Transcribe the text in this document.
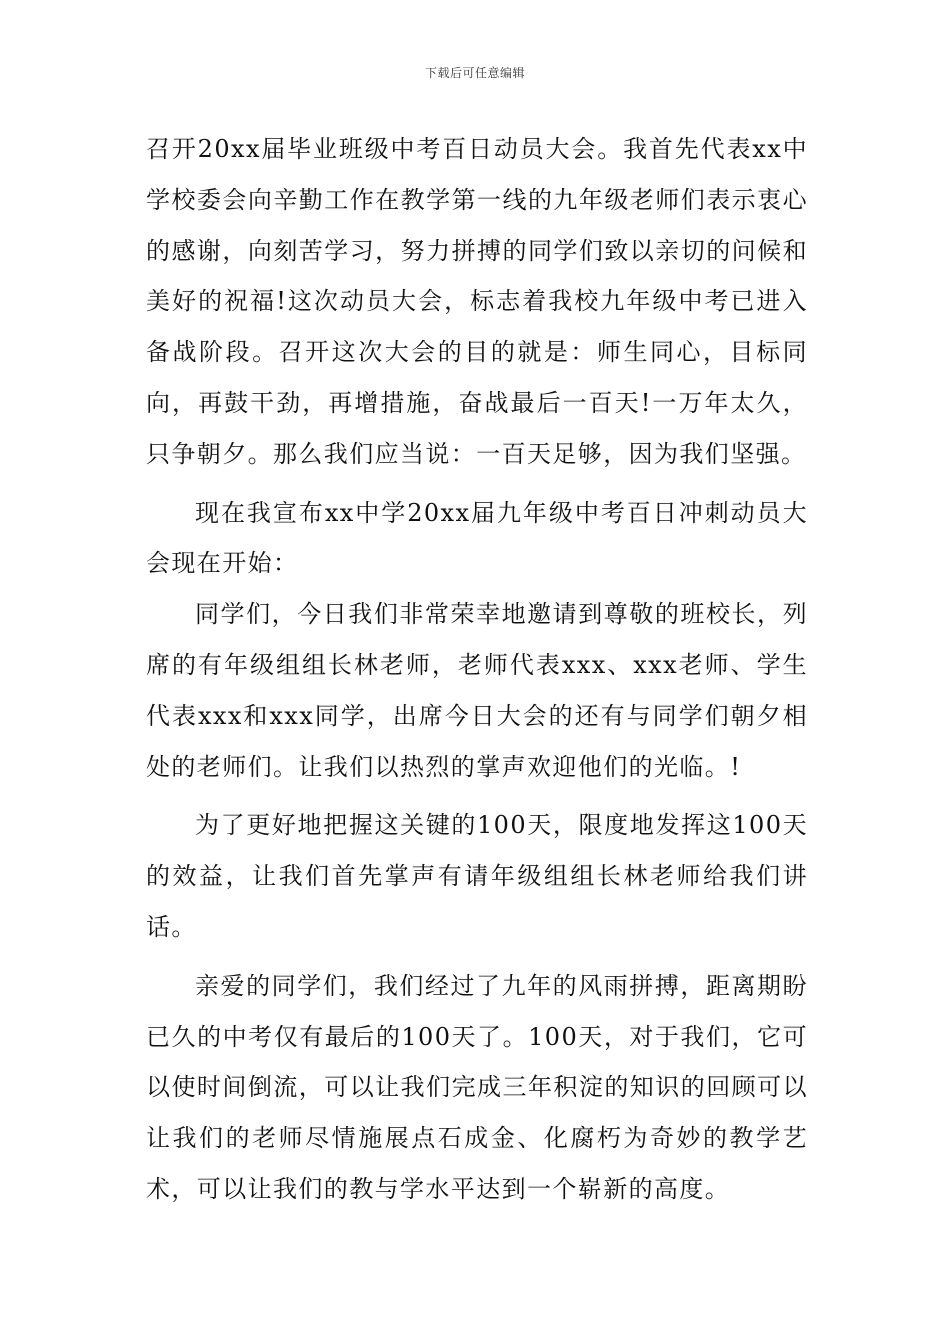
下载后可任意编辑

召开20xx届毕业班级中考百日动员大会。我首先代表xx中学校委会向辛勤工作在教学第一线的九年级老师们表示衷心的感谢，向刻苦学习，努力拼搏的同学们致以亲切的问候和美好的祝福!这次动员大会，标志着我校九年级中考已进入备战阶段。召开这次大会的目的就是：师生同心，目标同向，再鼓干劲，再增措施，奋战最后一百天!一万年太久，只争朝夕。那么我们应当说：一百天足够，因为我们坚强。

现在我宣布xx中学20xx届九年级中考百日冲刺动员大会现在开始：

同学们，今日我们非常荣幸地邀请到尊敬的班校长，列席的有年级组组长林老师，老师代表xxx、xxx老师、学生代表xxx和xxx同学，出席今日大会的还有与同学们朝夕相处的老师们。让我们以热烈的掌声欢迎他们的光临。!

为了更好地把握这关键的100天，限度地发挥这100天的效益，让我们首先掌声有请年级组组长林老师给我们讲话。

亲爱的同学们，我们经过了九年的风雨拼搏，距离期盼已久的中考仅有最后的100天了。100天，对于我们，它可以使时间倒流，可以让我们完成三年积淀的知识的回顾可以让我们的老师尽情施展点石成金、化腐朽为奇妙的教学艺术，可以让我们的教与学水平达到一个崭新的高度。
